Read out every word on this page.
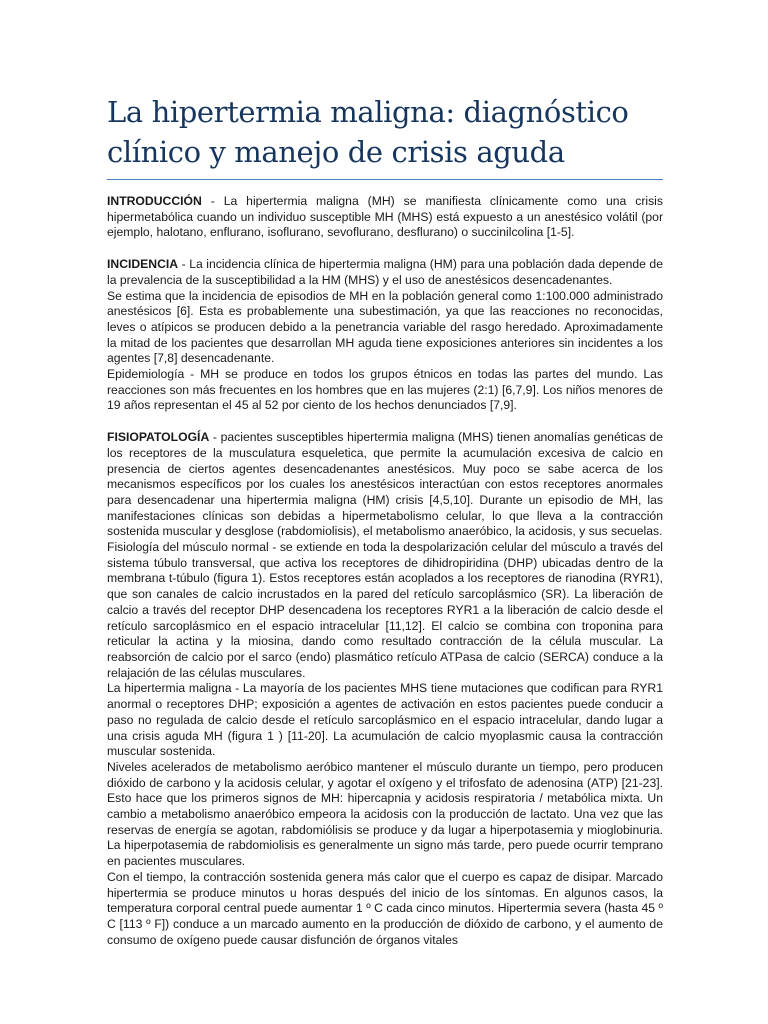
La hipertermia maligna: diagnóstico clínico y manejo de crisis aguda

INTRODUCCIÓN - La hipertermia maligna (MH) se manifiesta clínicamente como una crisis hipermetabólica cuando un individuo susceptible MH (MHS) está expuesto a un anestésico volátil (por ejemplo, halotano, enflurano, isoflurano, sevoflurano, desflurano) o succinilcolina [1-5].

INCIDENCIA - La incidencia clínica de hipertermia maligna (HM) para una población dada depende de la prevalencia de la susceptibilidad a la HM (MHS) y el uso de anestésicos desencadenantes.

Se estima que la incidencia de episodios de MH en la población general como 1:100.000 administrado anestésicos [6]. Esta es probablemente una subestimación, ya que las reacciones no reconocidas, leves o atípicos se producen debido a la penetrancia variable del rasgo heredado. Aproximadamente la mitad de los pacientes que desarrollan MH aguda tiene exposiciones anteriores sin incidentes a los agentes [7,8] desencadenante.

Epidemiología - MH se produce en todos los grupos étnicos en todas las partes del mundo. Las reacciones son más frecuentes en los hombres que en las mujeres (2:1) [6,7,9]. Los niños menores de 19 años representan el 45 al 52 por ciento de los hechos denunciados [7,9].

FISIOPATOLOGÍA - pacientes susceptibles hipertermia maligna (MHS) tienen anomalías genéticas de los receptores de la musculatura esqueletica, que permite la acumulación excesiva de calcio en presencia de ciertos agentes desencadenantes anestésicos. Muy poco se sabe acerca de los mecanismos específicos por los cuales los anestésicos interactúan con estos receptores anormales para desencadenar una hipertermia maligna (HM) crisis [4,5,10]. Durante un episodio de MH, las manifestaciones clínicas son debidas a hipermetabolismo celular, lo que lleva a la contracción sostenida muscular y desglose (rabdomiolisis), el metabolismo anaeróbico, la acidosis, y sus secuelas.

Fisiología del músculo normal - se extiende en toda la despolarización celular del músculo a través del sistema túbulo transversal, que activa los receptores de dihidropiridina (DHP) ubicadas dentro de la membrana t-túbulo (figura 1). Estos receptores están acoplados a los receptores de rianodina (RYR1), que son canales de calcio incrustados en la pared del retículo sarcoplásmico (SR). La liberación de calcio a través del receptor DHP desencadena los receptores RYR1 a la liberación de calcio desde el retículo sarcoplásmico en el espacio intracelular [11,12]. El calcio se combina con troponina para reticular la actina y la miosina, dando como resultado contracción de la célula muscular. La reabsorción de calcio por el sarco (endo) plasmático retículo ATPasa de calcio (SERCA) conduce a la relajación de las células musculares.

La hipertermia maligna - La mayoría de los pacientes MHS tiene mutaciones que codifican para RYR1 anormal o receptores DHP; exposición a agentes de activación en estos pacientes puede conducir a paso no regulada de calcio desde el retículo sarcoplásmico en el espacio intracelular, dando lugar a una crisis aguda MH (figura 1 ) [11-20]. La acumulación de calcio myoplasmic causa la contracción muscular sostenida.

Niveles acelerados de metabolismo aeróbico mantener el músculo durante un tiempo, pero producen dióxido de carbono y la acidosis celular, y agotar el oxígeno y el trifosfato de adenosina (ATP) [21-23]. Esto hace que los primeros signos de MH: hipercapnia y acidosis respiratoria / metabólica mixta. Un cambio a metabolismo anaeróbico empeora la acidosis con la producción de lactato. Una vez que las reservas de energía se agotan, rabdomiólisis se produce y da lugar a hiperpotasemia y mioglobinuria. La hiperpotasemia de rabdomiolisis es generalmente un signo más tarde, pero puede ocurrir temprano en pacientes musculares.

Con el tiempo, la contracción sostenida genera más calor que el cuerpo es capaz de disipar. Marcado hipertermia se produce minutos u horas después del inicio de los síntomas. En algunos casos, la temperatura corporal central puede aumentar 1 º C cada cinco minutos. Hipertermia severa (hasta 45 º C [113 º F]) conduce a un marcado aumento en la producción de dióxido de carbono, y el aumento de consumo de oxígeno puede causar disfunción de órganos vitales
